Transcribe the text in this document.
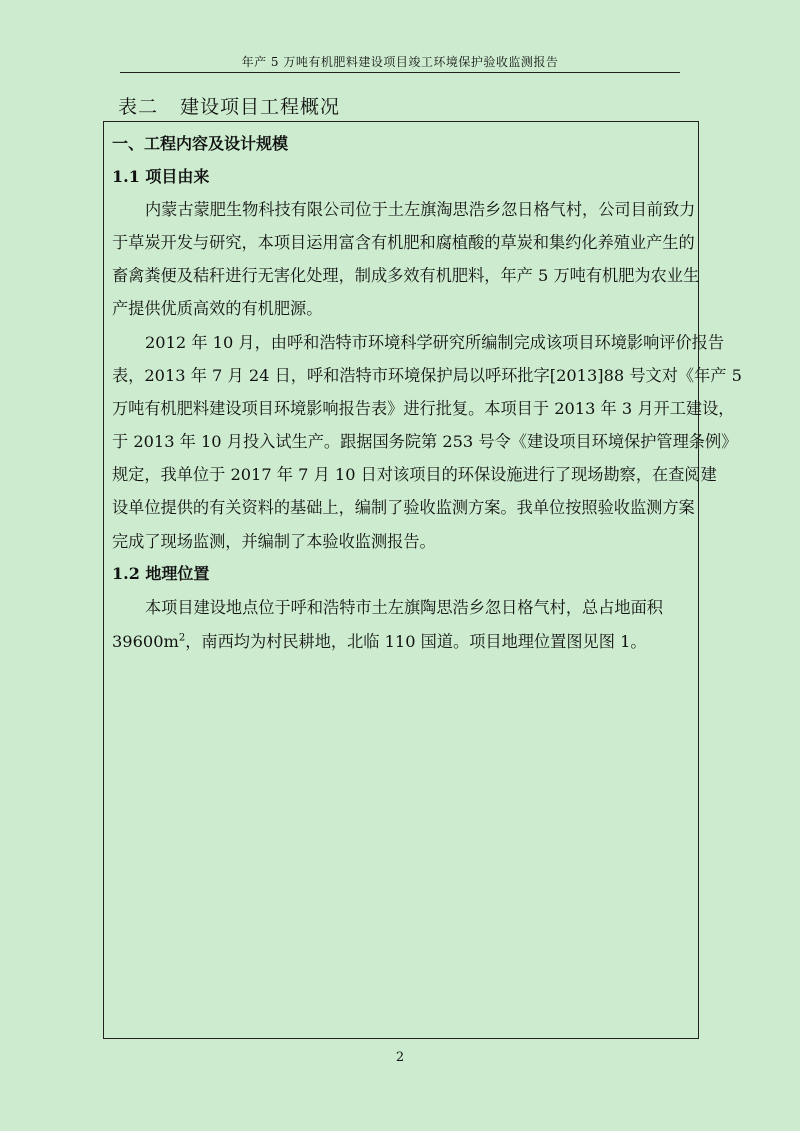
年产 5 万吨有机肥料建设项目竣工环境保护验收监测报告
表二 建设项目工程概况
一、工程内容及设计规模
1.1 项目由来
内蒙古蒙肥生物科技有限公司位于土左旗淘思浩乡忽日格气村，公司目前致力
于草炭开发与研究，本项目运用富含有机肥和腐植酸的草炭和集约化养殖业产生的
畜禽粪便及秸秆进行无害化处理，制成多效有机肥料，年产 5 万吨有机肥为农业生
产提供优质高效的有机肥源。
2012 年 10 月，由呼和浩特市环境科学研究所编制完成该项目环境影响评价报告
表，2013 年 7 月 24 日，呼和浩特市环境保护局以呼环批字[2013]88 号文对《年产 5
万吨有机肥料建设项目环境影响报告表》进行批复。本项目于 2013 年 3 月开工建设，
于 2013 年 10 月投入试生产。跟据国务院第 253 号令《建设项目环境保护管理条例》
规定，我单位于 2017 年 7 月 10 日对该项目的环保设施进行了现场勘察，在查阅建
设单位提供的有关资料的基础上，编制了验收监测方案。我单位按照验收监测方案
完成了现场监测，并编制了本验收监测报告。
1.2 地理位置
本项目建设地点位于呼和浩特市土左旗陶思浩乡忽日格气村，总占地面积
$39600m^2$，南西均为村民耕地，北临 110 国道。项目地理位置图见图 1。
2
